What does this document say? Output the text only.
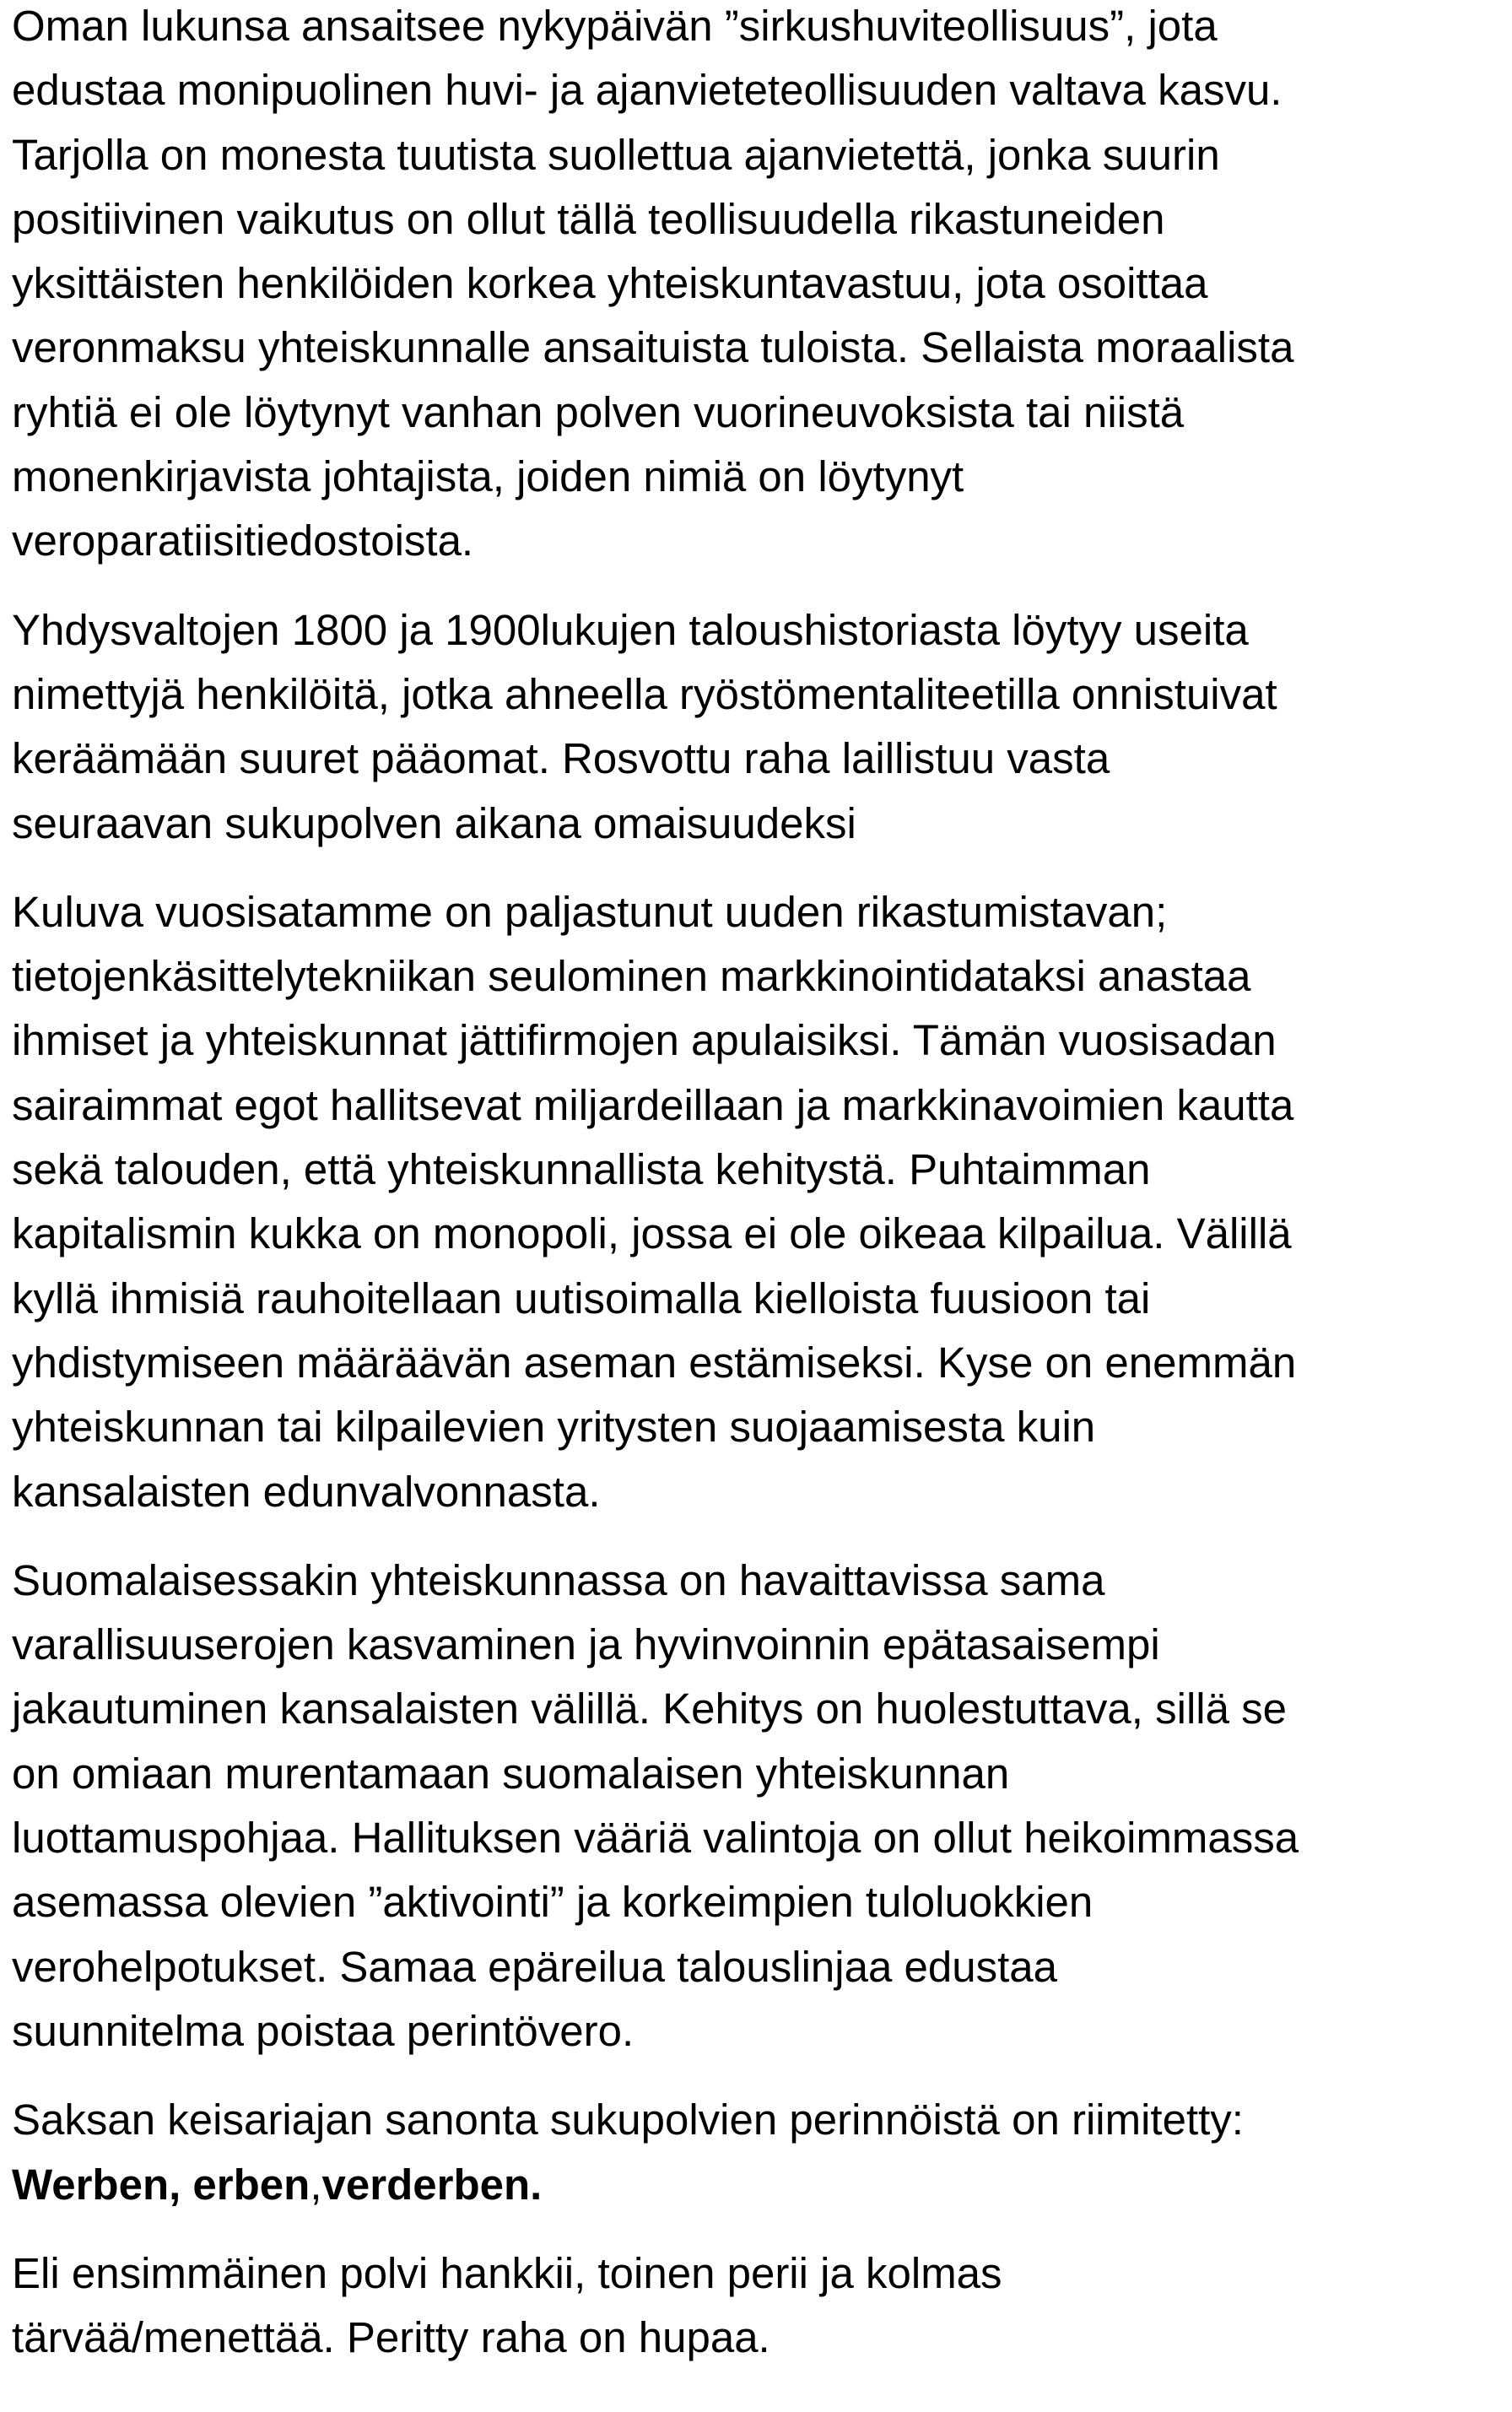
Oman lukunsa ansaitsee nykypäivän ”sirkushuviteollisuus”, jota
edustaa monipuolinen huvi- ja ajanvieteteollisuuden valtava kasvu.
Tarjolla on monesta tuutista suollettua ajanvietettä, jonka suurin
positiivinen vaikutus on ollut tällä teollisuudella rikastuneiden
yksittäisten henkilöiden korkea yhteiskuntavastuu, jota osoittaa
veronmaksu yhteiskunnalle ansaituista tuloista. Sellaista moraalista
ryhtiä ei ole löytynyt vanhan polven vuorineuvoksista tai niistä
monenkirjavista johtajista, joiden nimiä on löytynyt
veroparatiisitiedostoista.
Yhdysvaltojen 1800 ja 1900lukujen taloushistoriasta löytyy useita
nimettyjä henkilöitä, jotka ahneella ryöstömentaliteetilla onnistuivat
keräämään suuret pääomat. Rosvottu raha laillistuu vasta
seuraavan sukupolven aikana omaisuudeksi
Kuluva vuosisatamme on paljastunut uuden rikastumistavan;
tietojenkäsittelytekniikan seulominen markkinointidataksi anastaa
ihmiset ja yhteiskunnat jättifirmojen apulaisiksi. Tämän vuosisadan
sairaimmat egot hallitsevat miljardeillaan ja markkinavoimien kautta
sekä talouden, että yhteiskunnallista kehitystä. Puhtaimman
kapitalismin kukka on monopoli, jossa ei ole oikeaa kilpailua. Välillä
kyllä ihmisiä rauhoitellaan uutisoimalla kielloista fuusioon tai
yhdistymiseen määräävän aseman estämiseksi. Kyse on enemmän
yhteiskunnan tai kilpailevien yritysten suojaamisesta kuin
kansalaisten edunvalvonnasta.
Suomalaisessakin yhteiskunnassa on havaittavissa sama
varallisuuserojen kasvaminen ja hyvinvoinnin epätasaisempi
jakautuminen kansalaisten välillä. Kehitys on huolestuttava, sillä se
on omiaan murentamaan suomalaisen yhteiskunnan
luottamuspohjaa. Hallituksen vääriä valintoja on ollut heikoimmassa
asemassa olevien ”aktivointi” ja korkeimpien tuloluokkien
verohelpotukset. Samaa epäreilua talouslinjaa edustaa
suunnitelma poistaa perintövero.
Saksan keisariajan sanonta sukupolvien perinnöistä on riimitetty:
Werben, erben,verderben.
Eli ensimmäinen polvi hankkii, toinen perii ja kolmas
tärvää/menettää. Peritty raha on hupaa.
